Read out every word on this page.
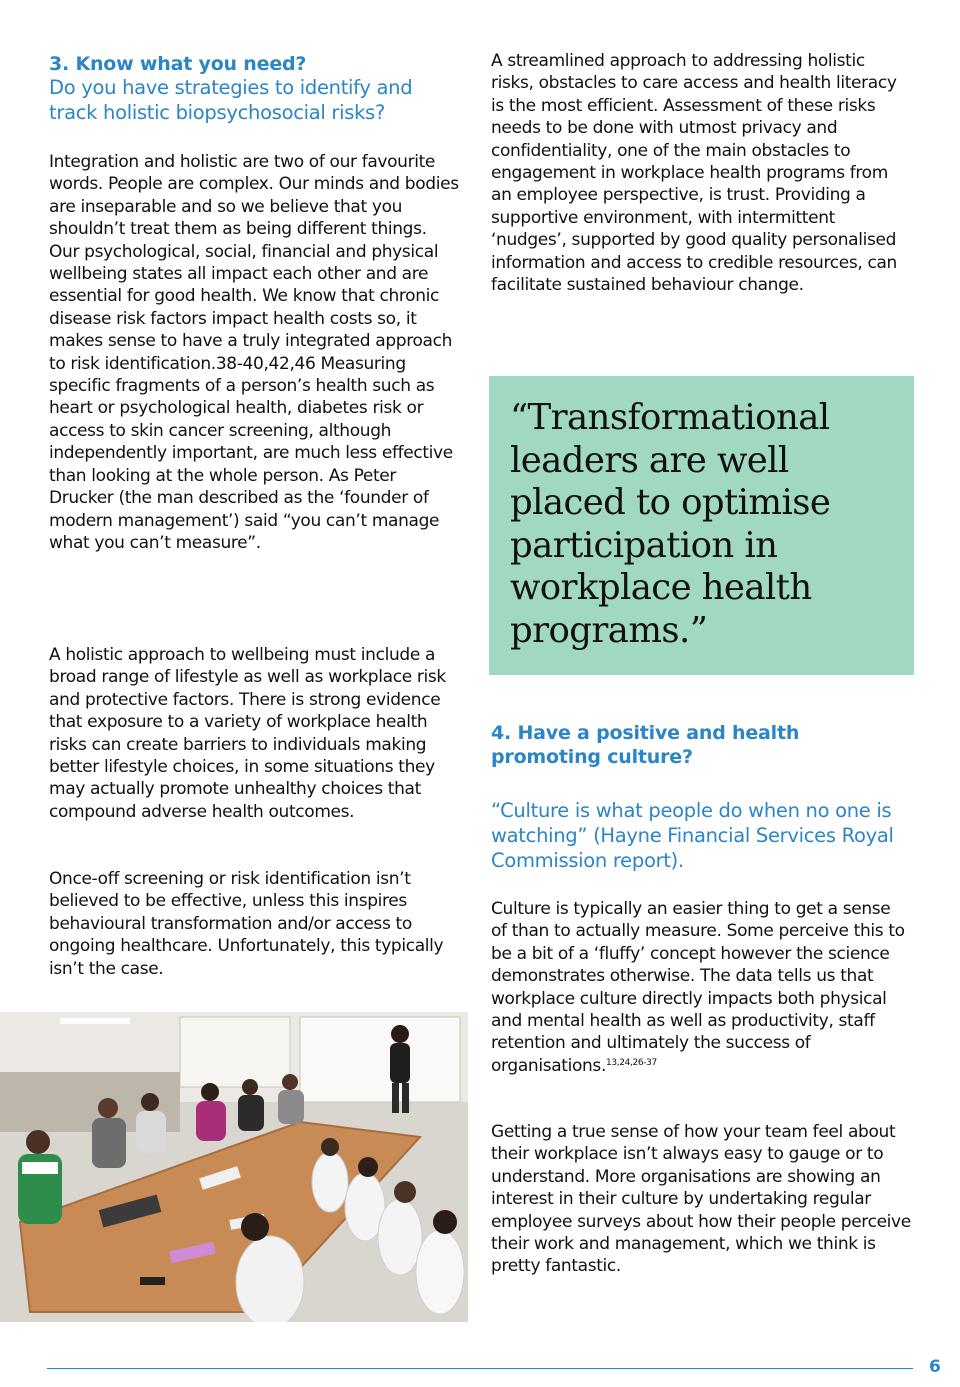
3. Know what you need?

Do you have strategies to identify and track holistic biopsychosocial risks?

Integration and holistic are two of our favourite words. People are complex. Our minds and bodies are inseparable and so we believe that you shouldn’t treat them as being different things. Our psychological, social, financial and physical wellbeing states all impact each other and are essential for good health. We know that chronic disease risk factors impact health costs so, it makes sense to have a truly integrated approach to risk identification.38-40,42,46 Measuring specific fragments of a person’s health such as heart or psychological health, diabetes risk or access to skin cancer screening, although independently important, are much less effective than looking at the whole person. As Peter Drucker (the man described as the ‘founder of modern management’) said “you can’t manage what you can’t measure”.

A holistic approach to wellbeing must include a broad range of lifestyle as well as workplace risk and protective factors. There is strong evidence that exposure to a variety of workplace health risks can create barriers to individuals making better lifestyle choices, in some situations they may actually promote unhealthy choices that compound adverse health outcomes.

Once-off screening or risk identification isn’t believed to be effective, unless this inspires behavioural transformation and/or access to ongoing healthcare. Unfortunately, this typically isn’t the case.

A streamlined approach to addressing holistic risks, obstacles to care access and health literacy is the most efficient. Assessment of these risks needs to be done with utmost privacy and confidentiality, one of the main obstacles to engagement in workplace health programs from an employee perspective, is trust. Providing a supportive environment, with intermittent ‘nudges’, supported by good quality personalised information and access to credible resources, can facilitate sustained behaviour change.

4. Have a positive and health promoting culture?

“Culture is what people do when no one is watching” (Hayne Financial Services Royal Commission report).

Culture is typically an easier thing to get a sense of than to actually measure. Some perceive this to be a bit of a ‘fluffy’ concept however the science demonstrates otherwise. The data tells us that workplace culture directly impacts both physical and mental health as well as productivity, staff retention and ultimately the success of organisations.$^{13,24,26-37}$

Getting a true sense of how your team feel about their workplace isn’t always easy to gauge or to understand. More organisations are showing an interest in their culture by undertaking regular employee surveys about how their people perceive their work and management, which we think is pretty fantastic.

“Transformational leaders are well placed to optimise participation in workplace health programs.”

6
